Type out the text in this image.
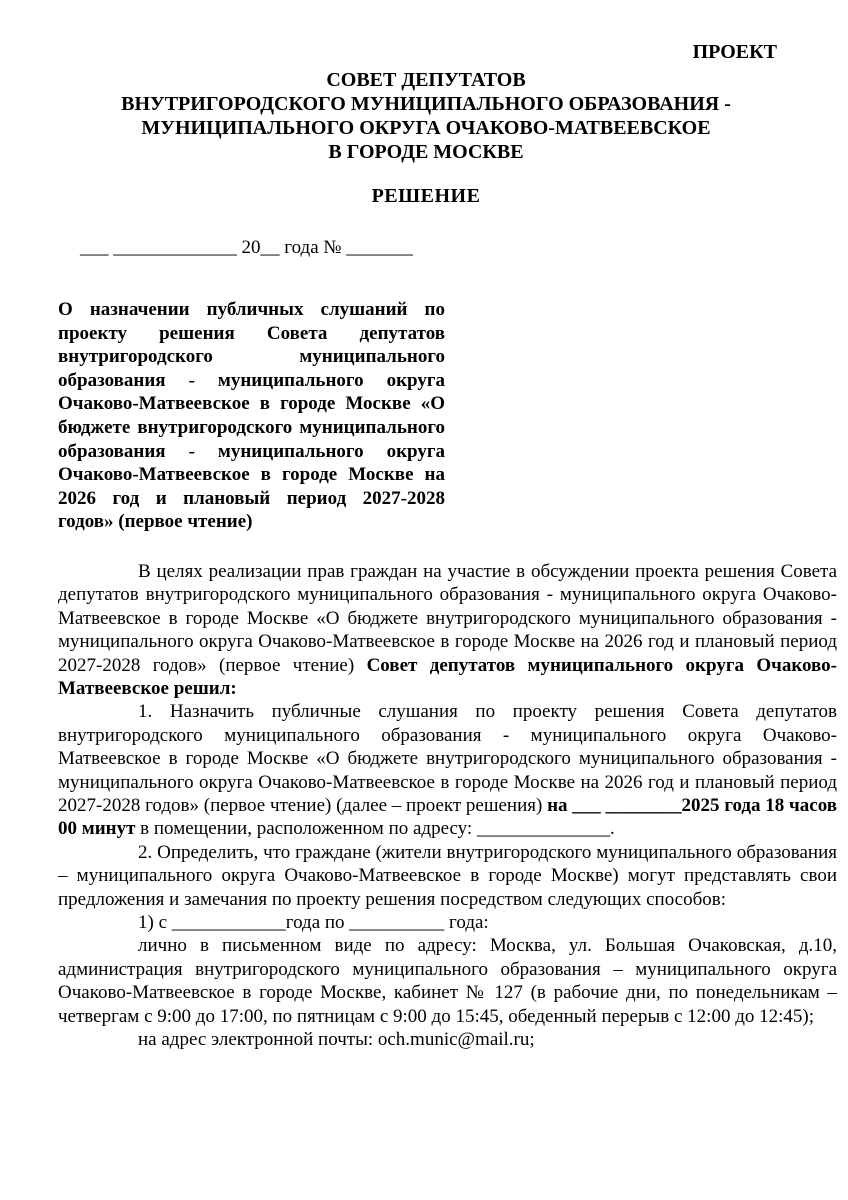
ПРОЕКТ
СОВЕТ ДЕПУТАТОВ
ВНУТРИГОРОДСКОГО МУНИЦИПАЛЬНОГО ОБРАЗОВАНИЯ -
МУНИЦИПАЛЬНОГО ОКРУГА ОЧАКОВО-МАТВЕЕВСКОЕ
В ГОРОДЕ МОСКВЕ
РЕШЕНИЕ
___ _____________ 20__ года № _______
О назначении публичных слушаний по проекту решения Совета депутатов внутригородского муниципального образования - муниципального округа Очаково-Матвеевское в городе Москве «О бюджете внутригородского муниципального образования - муниципального округа Очаково-Матвеевское в городе Москве на 2026 год и плановый период 2027-2028 годов» (первое чтение)

В целях реализации прав граждан на участие в обсуждении проекта решения Совета депутатов внутригородского муниципального образования - муниципального округа Очаково-Матвеевское в городе Москве «О бюджете внутригородского муниципального образования - муниципального округа Очаково-Матвеевское в городе Москве на 2026 год и плановый период 2027-2028 годов» (первое чтение) Совет депутатов муниципального округа Очаково-Матвеевское решил:

1. Назначить публичные слушания по проекту решения Совета депутатов внутригородского муниципального образования - муниципального округа Очаково-Матвеевское в городе Москве «О бюджете внутригородского муниципального образования - муниципального округа Очаково-Матвеевское в городе Москве на 2026 год и плановый период 2027-2028 годов» (первое чтение) (далее – проект решения) на ___ ________2025 года 18 часов 00 минут в помещении, расположенном по адресу: ______________.

2. Определить, что граждане (жители внутригородского муниципального образования – муниципального округа Очаково-Матвеевское в городе Москве) могут представлять свои предложения и замечания по проекту решения посредством следующих способов:

1) с ____________года по __________ года:

лично в письменном виде по адресу: Москва, ул. Большая Очаковская, д.10, администрация внутригородского муниципального образования – муниципального округа Очаково-Матвеевское в городе Москве, кабинет № 127 (в рабочие дни, по понедельникам – четвергам с 9:00 до 17:00, по пятницам с 9:00 до 15:45, обеденный перерыв с 12:00 до 12:45);

на адрес электронной почты: och.munic@mail.ru;
